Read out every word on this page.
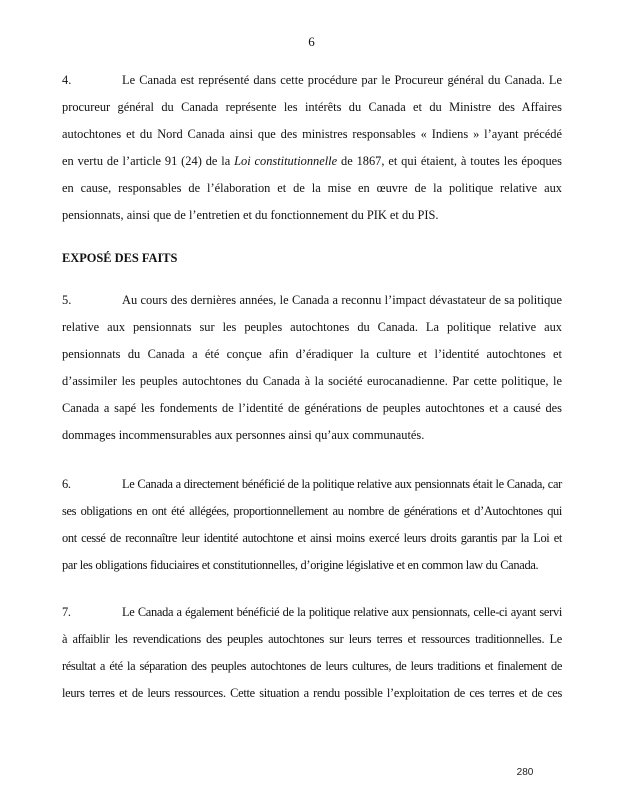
6
4.	Le Canada est représenté dans cette procédure par le Procureur général du Canada. Le
procureur général du Canada représente les intérêts du Canada et du Ministre des Affaires
autochtones et du Nord Canada ainsi que des ministres responsables « Indiens » l’ayant précédé
en vertu de l’article 91 (24) de la Loi constitutionnelle de 1867, et qui étaient, à toutes les époques
en cause, responsables de l’élaboration et de la mise en œuvre de la politique relative aux
pensionnats, ainsi que de l’entretien et du fonctionnement du PIK et du PIS.
EXPOSÉ DES FAITS
5.	Au cours des dernières années, le Canada a reconnu l’impact dévastateur de sa politique
relative aux pensionnats sur les peuples autochtones du Canada. La politique relative aux
pensionnats du Canada a été conçue afin d’éradiquer la culture et l’identité autochtones et
d’assimiler les peuples autochtones du Canada à la société eurocanadienne. Par cette politique, le
Canada a sapé les fondements de l’identité de générations de peuples autochtones et a causé des
dommages incommensurables aux personnes ainsi qu’aux communautés.
6.	Le Canada a directement bénéficié de la politique relative aux pensionnats était le Canada, car
ses obligations en ont été allégées, proportionnellement au nombre de générations et d’Autochtones qui
ont cessé de reconnaître leur identité autochtone et ainsi moins exercé leurs droits garantis par la Loi et
par les obligations fiduciaires et constitutionnelles, d’origine législative et en common law du Canada.
7.	Le Canada a également bénéficié de la politique relative aux pensionnats, celle-ci ayant servi
à affaiblir les revendications des peuples autochtones sur leurs terres et ressources traditionnelles. Le
résultat a été la séparation des peuples autochtones de leurs cultures, de leurs traditions et finalement de
leurs terres et de leurs ressources. Cette situation a rendu possible l’exploitation de ces terres et de ces
280
